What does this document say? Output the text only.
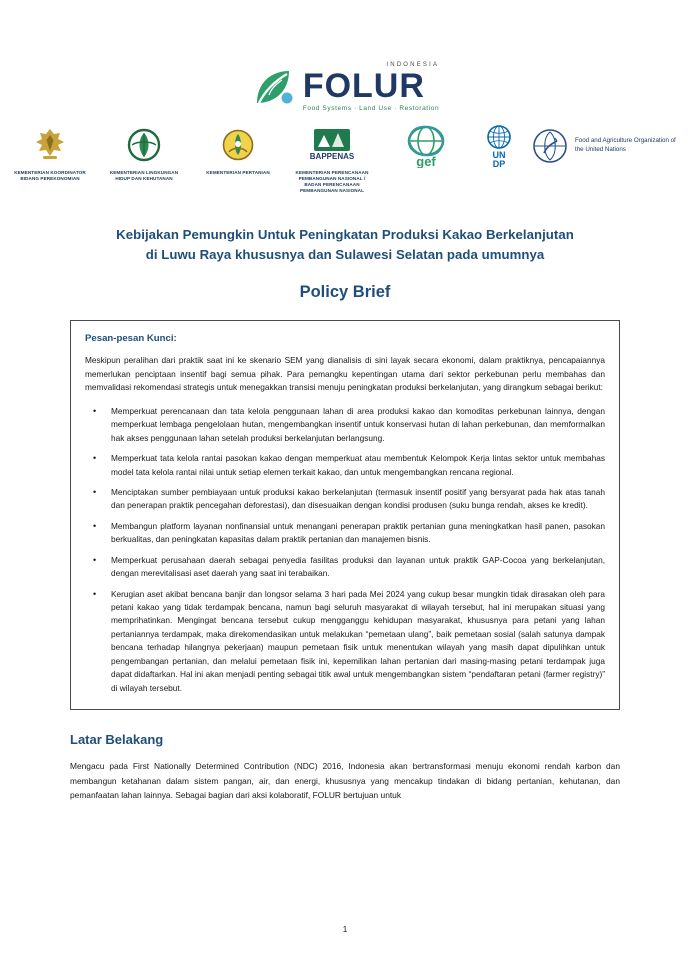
INDONESIA
FOLUR
Food Systems · Land Use · Restoration
KEMENTERIAN KOORDINATOR BIDANG PEREKONOMIAN
KEMENTERIAN LINGKUNGAN HIDUP DAN KEHUTANAN
KEMENTERIAN PERTANIAN
BAPPENAS
KEMENTERIAN PERENCANAAN PEMBANGUNAN NASIONAL / BADAN PERENCANAAN PEMBANGUNAN NASIONAL
gef	UN
DP
Food and Agriculture Organization of the United Nations
Kebijakan Pemungkin Untuk Peningkatan Produksi Kakao Berkelanjutan
di Luwu Raya khususnya dan Sulawesi Selatan pada umumnya
Policy Brief
Pesan-pesan Kunci:
Meskipun peralihan dari praktik saat ini ke skenario SEM yang dianalisis di sini layak secara ekonomi, dalam praktiknya, pencapaiannya memerlukan penciptaan insentif bagi semua pihak. Para pemangku kepentingan utama dari sektor perkebunan perlu membahas dan memvalidasi rekomendasi strategis untuk menegakkan transisi menuju peningkatan produksi berkelanjutan, yang dirangkum sebagai berikut:
• Memperkuat perencanaan dan tata kelola penggunaan lahan di area produksi kakao dan komoditas perkebunan lainnya, dengan memperkuat lembaga pengelolaan hutan, mengembangkan insentif untuk konservasi hutan di lahan perkebunan, dan memformalkan hak akses penggunaan lahan setelah produksi berkelanjutan berlangsung.
• Memperkuat tata kelola rantai pasokan kakao dengan memperkuat atau membentuk Kelompok Kerja lintas sektor untuk membahas model tata kelola rantai nilai untuk setiap elemen terkait kakao, dan untuk mengembangkan rencana regional.
• Menciptakan sumber pembiayaan untuk produksi kakao berkelanjutan (termasuk insentif positif yang bersyarat pada hak atas tanah dan penerapan praktik pencegahan deforestasi), dan disesuaikan dengan kondisi produsen (suku bunga rendah, akses ke kredit).
• Membangun platform layanan nonfinansial untuk menangani penerapan praktik pertanian guna meningkatkan hasil panen, pasokan berkualitas, dan peningkatan kapasitas dalam praktik pertanian dan manajemen bisnis.
• Memperkuat perusahaan daerah sebagai penyedia fasilitas produksi dan layanan untuk praktik GAP-Cocoa yang berkelanjutan, dengan merevitalisasi aset daerah yang saat ini terabaikan.
• Kerugian aset akibat bencana banjir dan longsor selama 3 hari pada Mei 2024 yang cukup besar mungkin tidak dirasakan oleh para petani kakao yang tidak terdampak bencana, namun bagi seluruh masyarakat di wilayah tersebut, hal ini merupakan situasi yang memprihatinkan. Mengingat bencana tersebut cukup mengganggu kehidupan masyarakat, khususnya para petani yang lahan pertaniannya terdampak, maka direkomendasikan untuk melakukan “pemetaan ulang”, baik pemetaan sosial (salah satunya dampak bencana terhadap hilangnya pekerjaan) maupun pemetaan fisik untuk menentukan wilayah yang masih dapat dipulihkan untuk pengembangan pertanian, dan melalui pemetaan fisik ini, kepemilikan lahan pertanian dari masing-masing petani terdampak juga dapat didaftarkan. Hal ini akan menjadi penting sebagai titik awal untuk mengembangkan sistem “pendaftaran petani (farmer registry)” di wilayah tersebut.
Latar Belakang
Mengacu pada First Nationally Determined Contribution (NDC) 2016, Indonesia akan bertransformasi menuju ekonomi rendah karbon dan membangun ketahanan dalam sistem pangan, air, dan energi, khususnya yang mencakup tindakan di bidang pertanian, kehutanan, dan pemanfaatan lahan lainnya. Sebagai bagian dari aksi kolaboratif, FOLUR bertujuan untuk
1
